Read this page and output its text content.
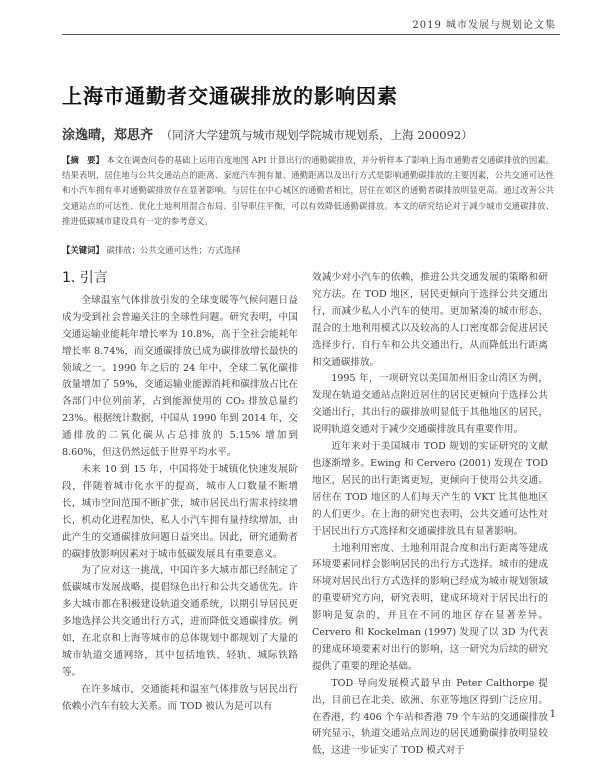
2019 城市发展与规划论文集
上海市通勤者交通碳排放的影响因素
涂逸晴，郑思齐 （同济大学建筑与城市规划学院城市规划系，上海 200092）
【摘　要】 本文在调查问卷的基础上运用百度地图 API 计算出行的通勤碳排放，并分析样本了影响上海市通勤者交通碳排放的因素。结果表明，居住地与公共交通站点的距离、家庭汽车拥有量、通勤距离以及出行方式是影响通勤碳排放的主要因素，公共交通可达性和小汽车拥有率对通勤碳排放存在显著影响。与居住在中心城区的通勤者相比，居住在郊区的通勤者碳排放明显更高。通过改善公共交通站点的可达性、优化土地利用混合布局、引导职住平衡，可以有效降低通勤碳排放。本文的研究结论对于减少城市交通碳排放、推进低碳城市建设具有一定的参考意义。
【关键词】 碳排放；公共交通可达性；方式选择
1. 引言

全球温室气体排放引发的全球变暖等气候问题日益成为受到社会普遍关注的全球性问题。研究表明，中国交通运输业能耗年增长率为 10.8%，高于全社会能耗年增长率 8.74%，而交通碳排放已成为碳排放增长最快的领域之一。1990 年之后的 24 年中，全球二氧化碳排放量增加了 59%，交通运输业能源消耗和碳排放占比在各部门中位列前茅，占到能源使用的 CO₂ 排放总量约 23%。根据统计数据，中国从 1990 年到 2014 年，交通排放的二氧化碳从占总排放的 5.15% 增加到 8.60%，但这仍然远低于世界平均水平。

未来 10 到 15 年，中国将处于城镇化快速发展阶段，伴随着城市化水平的提高，城市人口数量不断增长，城市空间范围不断扩张，城市居民出行需求持续增长，机动化进程加快，私人小汽车拥有量持续增加，由此产生的交通碳排放问题日益突出。因此，研究通勤者的碳排放影响因素对于城市低碳发展具有重要意义。

为了应对这一挑战，中国许多大城市都已经制定了低碳城市发展战略，提倡绿色出行和公共交通优先。许多大城市都在积极建设轨道交通系统，以期引导居民更多地选择公共交通出行方式，进而降低交通碳排放。例如，在北京和上海等城市的总体规划中都规划了大量的城市轨道交通网络，其中包括地铁、轻轨、城际铁路等。

在许多城市，交通能耗和温室气体排放与居民出行依赖小汽车有较大关系。而 TOD 被认为是可以有

效减少对小汽车的依赖，推进公共交通发展的策略和研究方法。在 TOD 地区，居民更倾向于选择公共交通出行，而减少私人小汽车的使用。更加紧凑的城市形态、混合的土地利用模式以及较高的人口密度都会促进居民选择步行、自行车和公共交通出行，从而降低出行距离和交通碳排放。

1995 年，一项研究以美国加州旧金山湾区为例，发现在轨道交通站点附近居住的居民更倾向于选择公共交通出行，其出行的碳排放明显低于其他地区的居民，说明轨道交通对于减少交通碳排放具有重要作用。

近年来对于美国城市 TOD 规划的实证研究的文献也逐渐增多。Ewing 和 Cervero (2001) 发现在 TOD 地区，居民的出行距离更短，更倾向于使用公共交通。居住在 TOD 地区的人们每天产生的 VKT 比其他地区的人们更少。在上海的研究也表明，公共交通可达性对于居民出行方式选择和交通碳排放具有显著影响。

土地利用密度、土地利用混合度和出行距离等建成环境要素同样会影响居民的出行方式选择。城市的建成环境对居民出行方式选择的影响已经成为城市规划领域的重要研究方向，研究表明，建成环境对于居民出行的影响是复杂的，并且在不同的地区存在显著差异。Cervero 和 Kockelman (1997) 发现了以 3D 为代表的建成环境要素对出行的影响，这一研究为后续的研究提供了重要的理论基础。

TOD 导向发展模式最早由 Peter Calthorpe 提出，目前已在北美、欧洲、东亚等地区得到广泛应用。在香港，约 406 个车站和香港 79 个车站的交通碳排放研究显示，轨道交通站点周边的居民通勤碳排放明显较低，这进一步证实了 TOD 模式对于

1
